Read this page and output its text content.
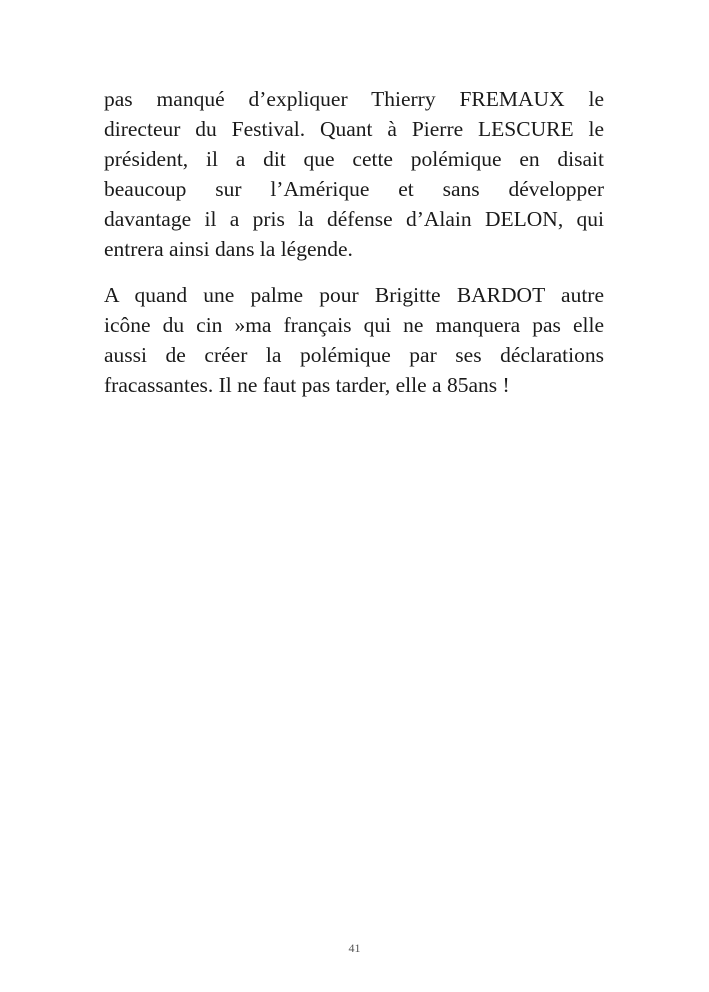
pas manqué d’expliquer Thierry FREMAUX le
directeur du Festival. Quant à Pierre LESCURE le
président, il a dit que cette polémique en disait
beaucoup sur l’Amérique et sans développer
davantage il a pris la défense d’Alain DELON, qui
entrera ainsi dans la légende.

A quand une palme pour Brigitte BARDOT autre
icône du cin »ma français qui ne manquera pas elle
aussi de créer la polémique par ses déclarations
fracassantes. Il ne faut pas tarder, elle a 85ans !

41
